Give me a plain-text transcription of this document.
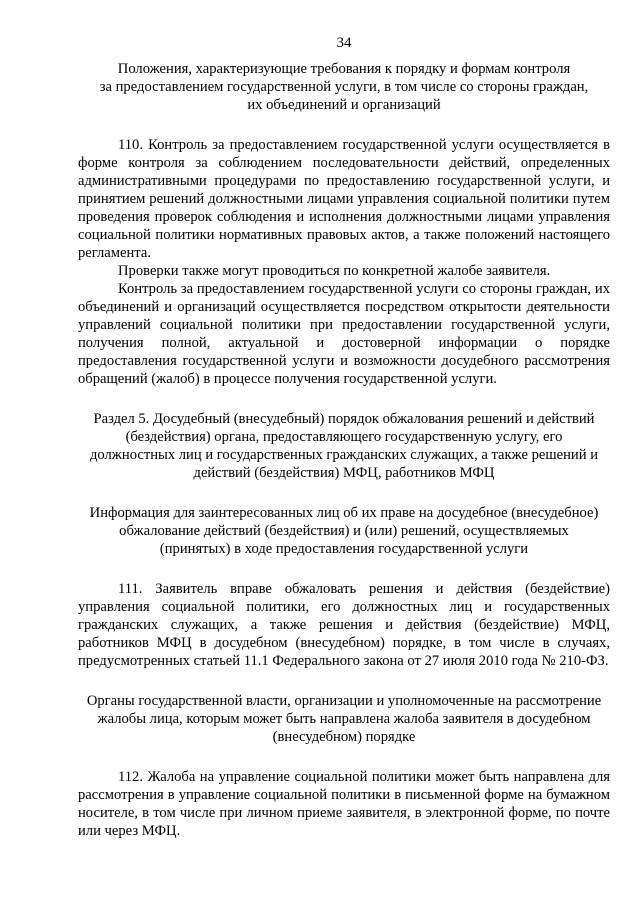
34
Положения, характеризующие требования к порядку и формам контроля
за предоставлением государственной услуги, в том числе со стороны граждан,
их объединений и организаций

110. Контроль за предоставлением государственной услуги осуществляется в форме контроля за соблюдением последовательности действий, определенных административными процедурами по предоставлению государственной услуги, и принятием решений должностными лицами управления социальной политики путем проведения проверок соблюдения и исполнения должностными лицами управления социальной политики нормативных правовых актов, а также положений настоящего регламента.

Проверки также могут проводиться по конкретной жалобе заявителя.

Контроль за предоставлением государственной услуги со стороны граждан, их объединений и организаций осуществляется посредством открытости деятельности управлений социальной политики при предоставлении государственной услуги, получения полной, актуальной и достоверной информации о порядке предоставления государственной услуги и возможности досудебного рассмотрения обращений (жалоб) в процессе получения государственной услуги.

Раздел 5. Досудебный (внесудебный) порядок обжалования решений и действий
(бездействия) органа, предоставляющего государственную услугу, его
должностных лиц и государственных гражданских служащих, а также решений и
действий (бездействия) МФЦ, работников МФЦ
Информация для заинтересованных лиц об их праве на досудебное (внесудебное)
обжалование действий (бездействия) и (или) решений, осуществляемых
(принятых) в ходе предоставления государственной услуги

111. Заявитель вправе обжаловать решения и действия (бездействие) управления социальной политики, его должностных лиц и государственных гражданских служащих, а также решения и действия (бездействие) МФЦ, работников МФЦ в досудебном (внесудебном) порядке, в том числе в случаях, предусмотренных статьей 11.1 Федерального закона от 27 июля 2010 года № 210-ФЗ.

Органы государственной власти, организации и уполномоченные на рассмотрение
жалобы лица, которым может быть направлена жалоба заявителя в досудебном
(внесудебном) порядке

112. Жалоба на управление социальной политики может быть направлена для рассмотрения в управление социальной политики в письменной форме на бумажном носителе, в том числе при личном приеме заявителя, в электронной форме, по почте или через МФЦ.
